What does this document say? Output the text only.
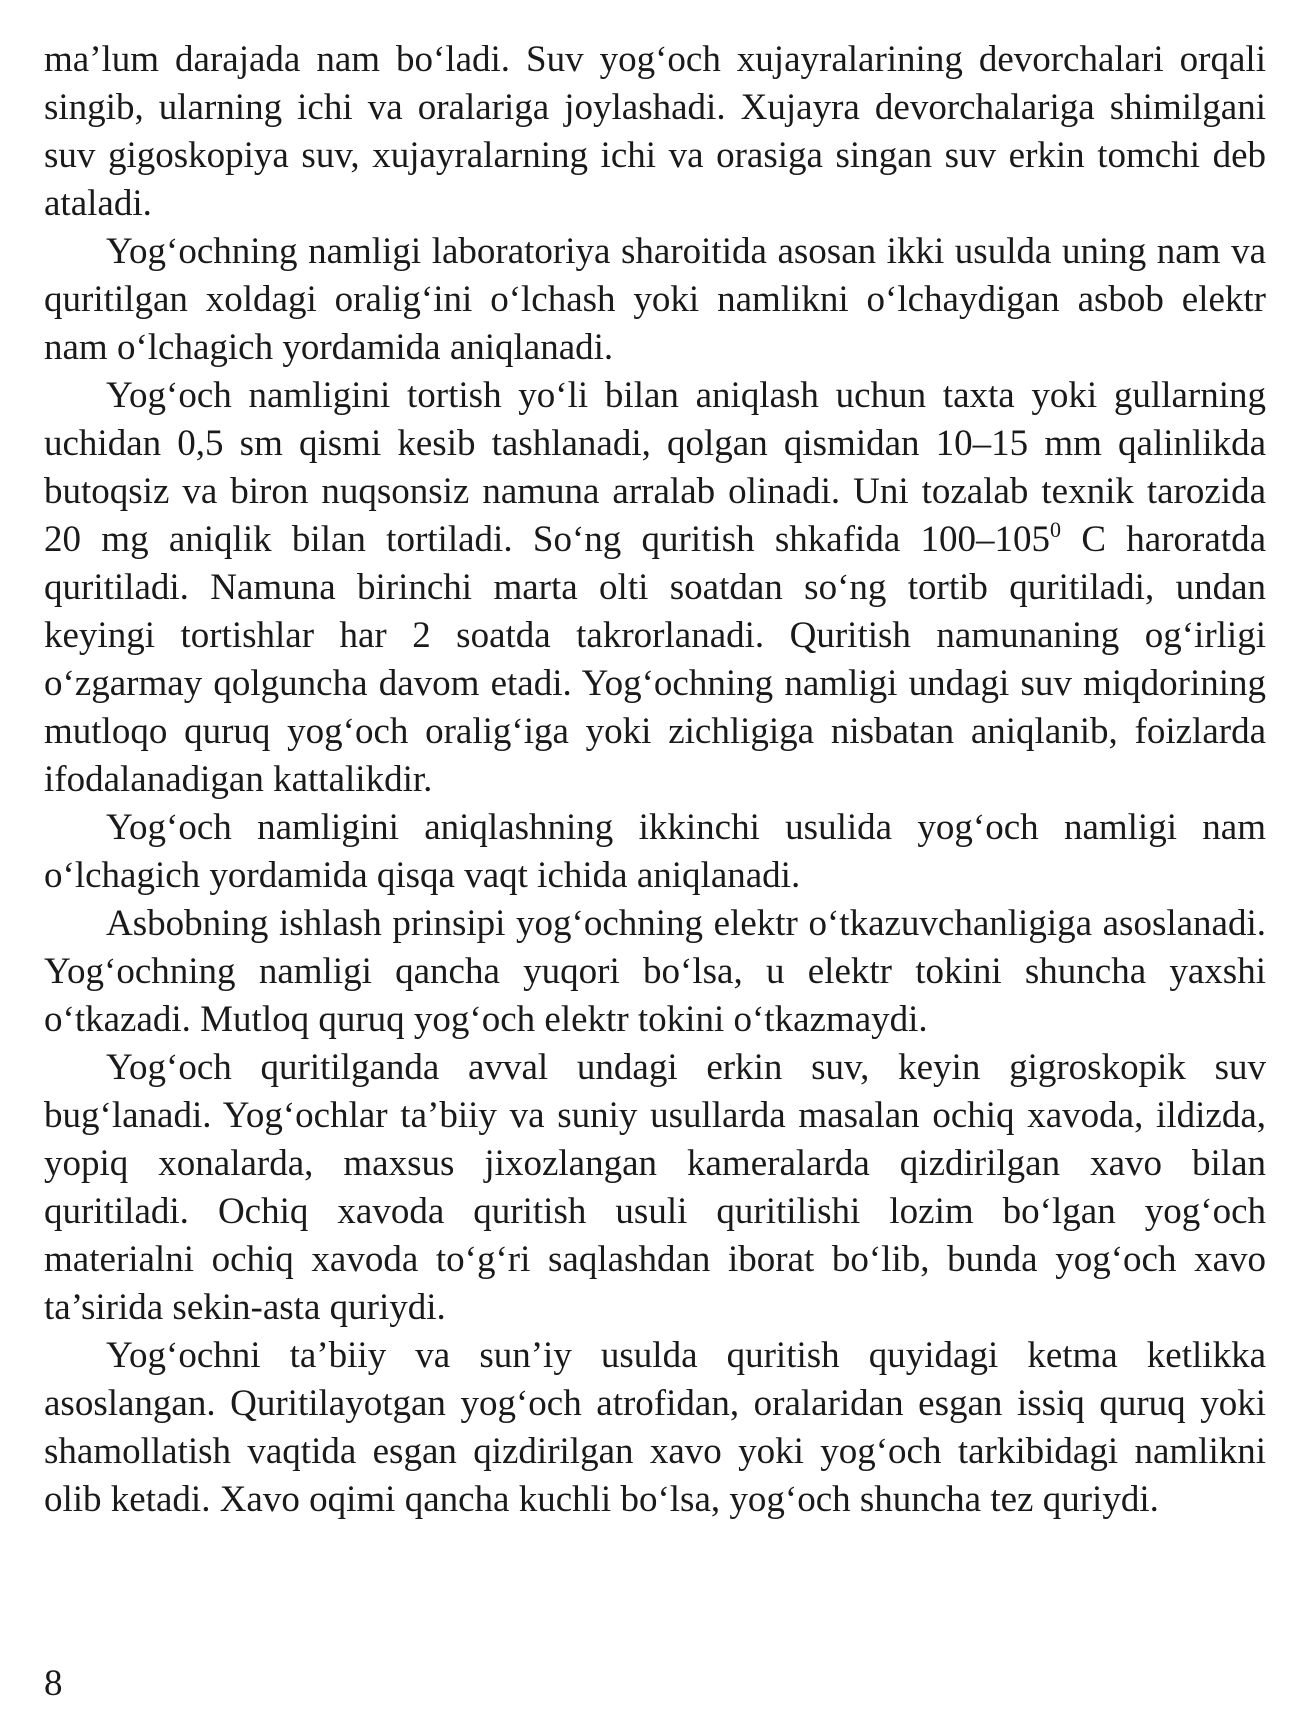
ma’lum darajada nam bo‘ladi. Suv yog‘och xujayralarining devorchalari orqali singib, ularning ichi va oralariga joylashadi. Xujayra devorchalariga shimilgani suv gigoskopiya suv, xujayralarning ichi va orasiga singan suv erkin tomchi deb ataladi.

Yog‘ochning namligi laboratoriya sharoitida asosan ikki usulda uning nam va quritilgan xoldagi oralig‘ini o‘lchash yoki namlikni o‘lchaydigan asbob elektr nam o‘lchagich yordamida aniqlanadi.

Yog‘och namligini tortish yo‘li bilan aniqlash uchun taxta yoki gullarning uchidan 0,5 sm qismi kesib tashlanadi, qolgan qismidan 10–15 mm qalinlikda butoqsiz va biron nuqsonsiz namuna arralab olinadi. Uni tozalab texnik tarozida 20 mg aniqlik bilan tortiladi. So‘ng quritish shkafida $100-105^0$ C haroratda quritiladi. Namuna birinchi marta olti soatdan so‘ng tortib quritiladi, undan keyingi tortishlar har 2 soatda takrorlanadi. Quritish namunaning og‘irligi o‘zgarmay qolguncha davom etadi. Yog‘ochning namligi undagi suv miqdorining mutloqo quruq yog‘och oralig‘iga yoki zichligiga nisbatan aniqlanib, foizlarda ifodalanadigan kattalikdir.

Yog‘och namligini aniqlashning ikkinchi usulida yog‘och namligi nam o‘lchagich yordamida qisqa vaqt ichida aniqlanadi.

Asbobning ishlash prinsipi yog‘ochning elektr o‘tkazuvchanligiga asoslanadi. Yog‘ochning namligi qancha yuqori bo‘lsa, u elektr tokini shuncha yaxshi o‘tkazadi. Mutloq quruq yog‘och elektr tokini o‘tkazmaydi.

Yog‘och quritilganda avval undagi erkin suv, keyin gigroskopik suv bug‘lanadi. Yog‘ochlar ta’biiy va suniy usullarda masalan ochiq xavoda, ildizda, yopiq xonalarda, maxsus jixozlangan kameralarda qizdirilgan xavo bilan quritiladi. Ochiq xavoda quritish usuli quritilishi lozim bo‘lgan yog‘och materialni ochiq xavoda to‘g‘ri saqlashdan iborat bo‘lib, bunda yog‘och xavo ta’sirida sekin-asta quriydi.

Yog‘ochni ta’biiy va sun’iy usulda quritish quyidagi ketma ketlikka asoslangan. Quritilayotgan yog‘och atrofidan, oralaridan esgan issiq quruq yoki shamollatish vaqtida esgan qizdirilgan xavo yoki yog‘och tarkibidagi namlikni olib ketadi. Xavo oqimi qancha kuchli bo‘lsa, yog‘och shuncha tez quriydi.

8
